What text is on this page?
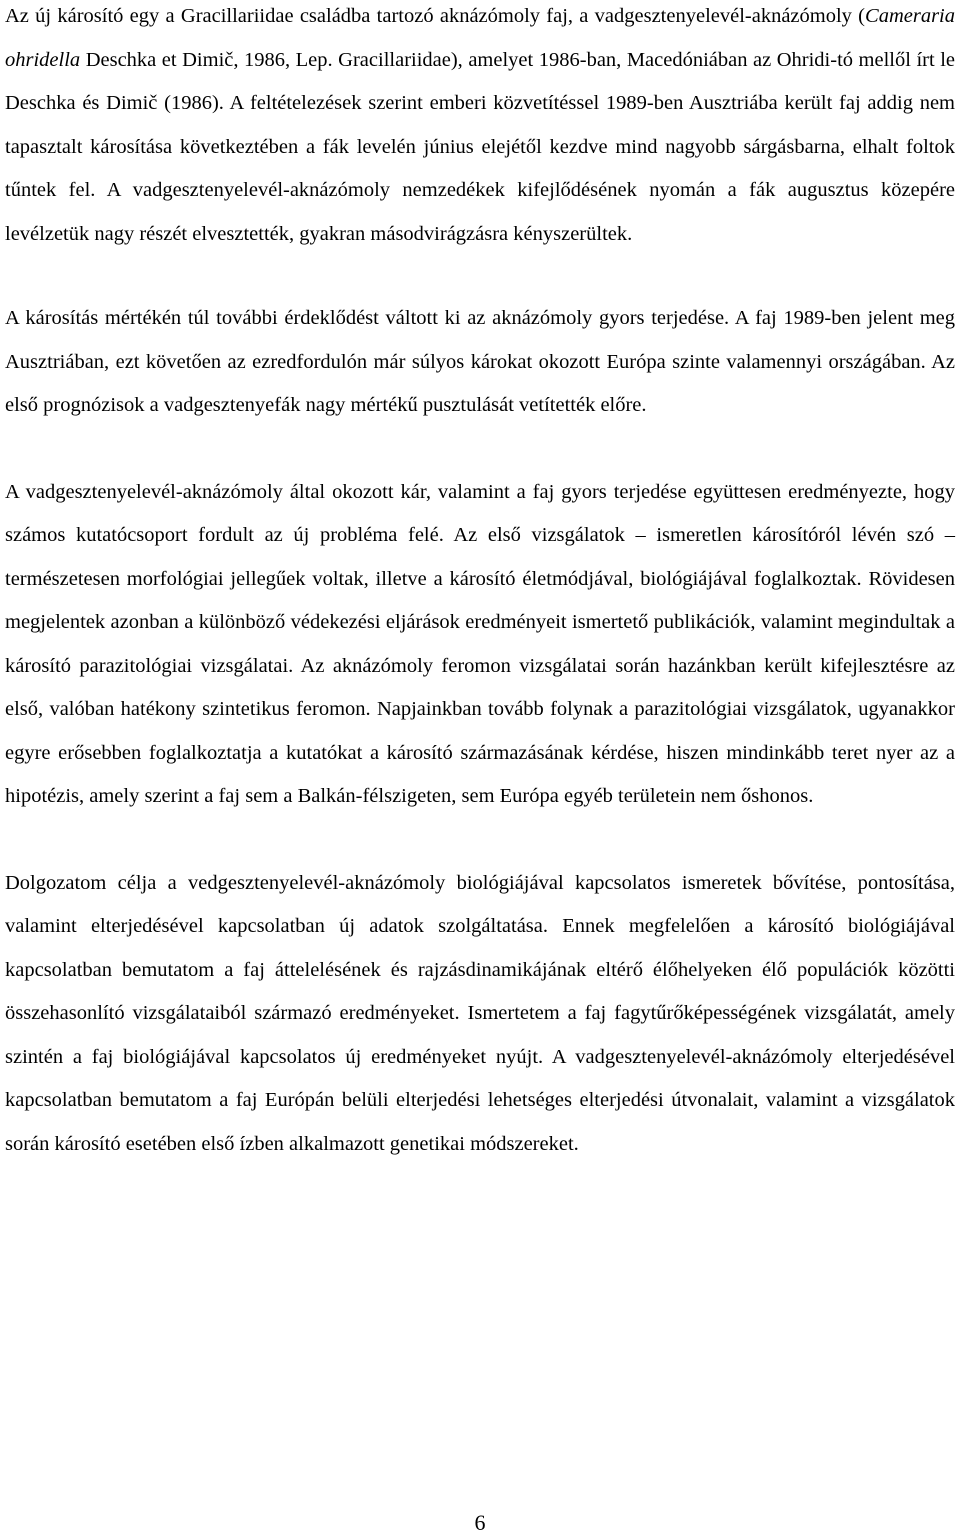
Az új károsító egy a Gracillariidae családba tartozó aknázómoly faj, a vadgesztenyelevél-aknázómoly (Cameraria ohridella Deschka et Dimič, 1986, Lep. Gracillariidae), amelyet 1986-ban, Macedóniában az Ohridi-tó mellől írt le Deschka és Dimič (1986). A feltételezések szerint emberi közvetítéssel 1989-ben Ausztriába került faj addig nem tapasztalt károsítása következtében a fák levelén június elejétől kezdve mind nagyobb sárgásbarna, elhalt foltok tűntek fel. A vadgesztenyelevél-aknázómoly nemzedékek kifejlődésének nyomán a fák augusztus közepére levélzetük nagy részét elvesztették, gyakran másodvirágzásra kényszerültek.

A károsítás mértékén túl további érdeklődést váltott ki az aknázómoly gyors terjedése. A faj 1989-ben jelent meg Ausztriában, ezt követően az ezredfordulón már súlyos károkat okozott Európa szinte valamennyi országában. Az első prognózisok a vadgesztenyefák nagy mértékű pusztulását vetítették előre.

A vadgesztenyelevél-aknázómoly által okozott kár, valamint a faj gyors terjedése együttesen eredményezte, hogy számos kutatócsoport fordult az új probléma felé. Az első vizsgálatok – ismeretlen károsítóról lévén szó – természetesen morfológiai jellegűek voltak, illetve a károsító életmódjával, biológiájával foglalkoztak. Rövidesen megjelentek azonban a különböző védekezési eljárások eredményeit ismertető publikációk, valamint megindultak a károsító parazitológiai vizsgálatai. Az aknázómoly feromon vizsgálatai során hazánkban került kifejlesztésre az első, valóban hatékony szintetikus feromon. Napjainkban tovább folynak a parazitológiai vizsgálatok, ugyanakkor egyre erősebben foglalkoztatja a kutatókat a károsító származásának kérdése, hiszen mindinkább teret nyer az a hipotézis, amely szerint a faj sem a Balkán-félszigeten, sem Európa egyéb területein nem őshonos.

Dolgozatom célja a vedgesztenyelevél-aknázómoly biológiájával kapcsolatos ismeretek bővítése, pontosítása, valamint elterjedésével kapcsolatban új adatok szolgáltatása. Ennek megfelelően a károsító biológiájával kapcsolatban bemutatom a faj áttelelésének és rajzásdinamikájának eltérő élőhelyeken élő populációk közötti összehasonlító vizsgálataiból származó eredményeket. Ismertetem a faj fagytűrőképességének vizsgálatát, amely szintén a faj biológiájával kapcsolatos új eredményeket nyújt. A vadgesztenyelevél-aknázómoly elterjedésével kapcsolatban bemutatom a faj Európán belüli elterjedési lehetséges elterjedési útvonalait, valamint a vizsgálatok során károsító esetében első ízben alkalmazott genetikai módszereket.

6
